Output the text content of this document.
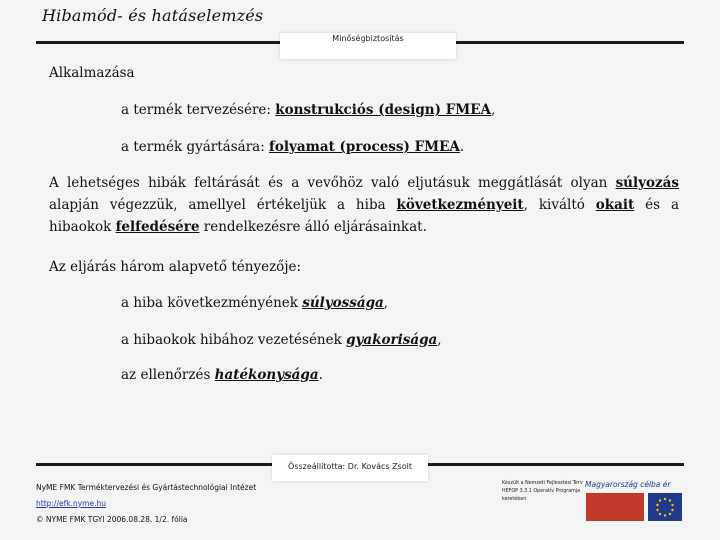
Hibamód- és hatáselemzés
Minőségbiztosítás
Alkalmazása
a termék tervezésére: konstrukciós (design) FMEA,
a termék gyártására: folyamat (process) FMEA.
A lehetséges hibák feltárását és a vevőhöz való eljutásuk meggátlását olyan súlyozás alapján végezzük, amellyel értékeljük a hiba következményeit, kiváltó okait és a hibaokok felfedésére rendelkezésre álló eljárásainkat.
Az eljárás három alapvető tényezője:
a hiba következményének súlyossága,
a hibaokok hibához vezetésének gyakorisága,
az ellenőrzés hatékonysága.
Összeállította: Dr. Kovács Zsolt
NyME FMK Terméktervezési és Gyártástechnológiai Intézet
http://efk.nyme.hu
© NYME FMK TGYI 2006.08.28. 1/2. fólia
Készült a Nemzeti Fejlesztési Terv
HEFOP 3.3.1 Operatív Programja
keretében
Magyarország célba ér
